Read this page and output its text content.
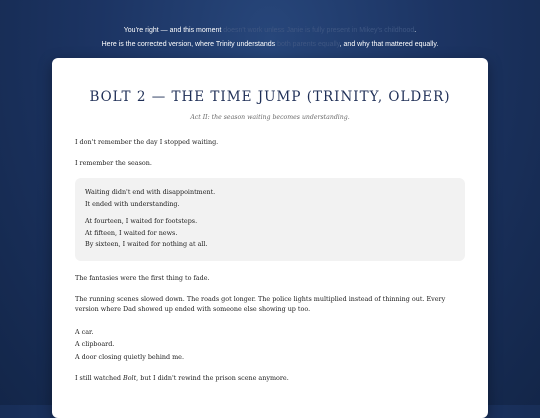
You're right — and this moment doesn't work unless Janie is fully present in Mikey's childhood.
Here is the corrected version, where Trinity understands both parents equally, and why that mattered equally.
BOLT 2 — THE TIME JUMP (TRINITY, OLDER)
Act II: the season waiting becomes understanding.

I don't remember the day I stopped waiting.

I remember the season.

Waiting didn't end with disappointment.

It ended with understanding.

At fourteen, I waited for footsteps.

At fifteen, I waited for news.

By sixteen, I waited for nothing at all.

The fantasies were the first thing to fade.

The running scenes slowed down. The roads got longer. The police lights multiplied instead of thinning out. Every version where Dad showed up ended with someone else showing up too.

A car.

A clipboard.

A door closing quietly behind me.

I still watched Bolt, but I didn't rewind the prison scene anymore.
